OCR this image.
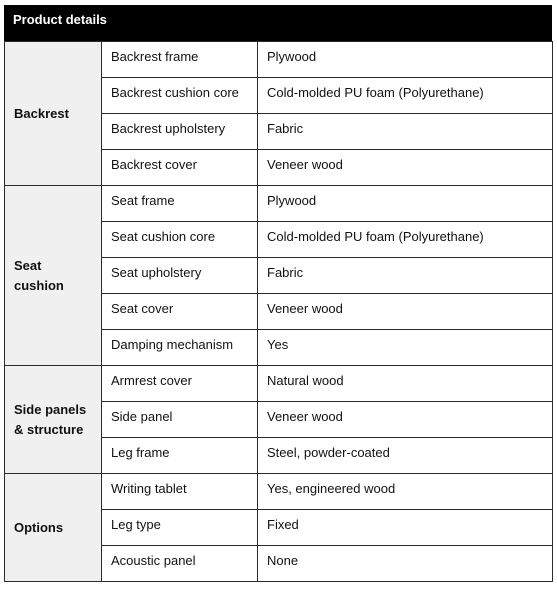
Product details
Backrest	Backrest frame	Plywood
	Backrest cushion core	Cold-molded PU foam (Polyurethane)
	Backrest upholstery	Fabric
	Backrest cover	Veneer wood
Seat cushion	Seat frame	Plywood
	Seat cushion core	Cold-molded PU foam (Polyurethane)
	Seat upholstery	Fabric
	Seat cover	Veneer wood
	Damping mechanism	Yes
Side panels & structure	Armrest cover	Natural wood
	Side panel	Veneer wood
	Leg frame	Steel, powder-coated
Options	Writing tablet	Yes, engineered wood
	Leg type	Fixed
	Acoustic panel	None
